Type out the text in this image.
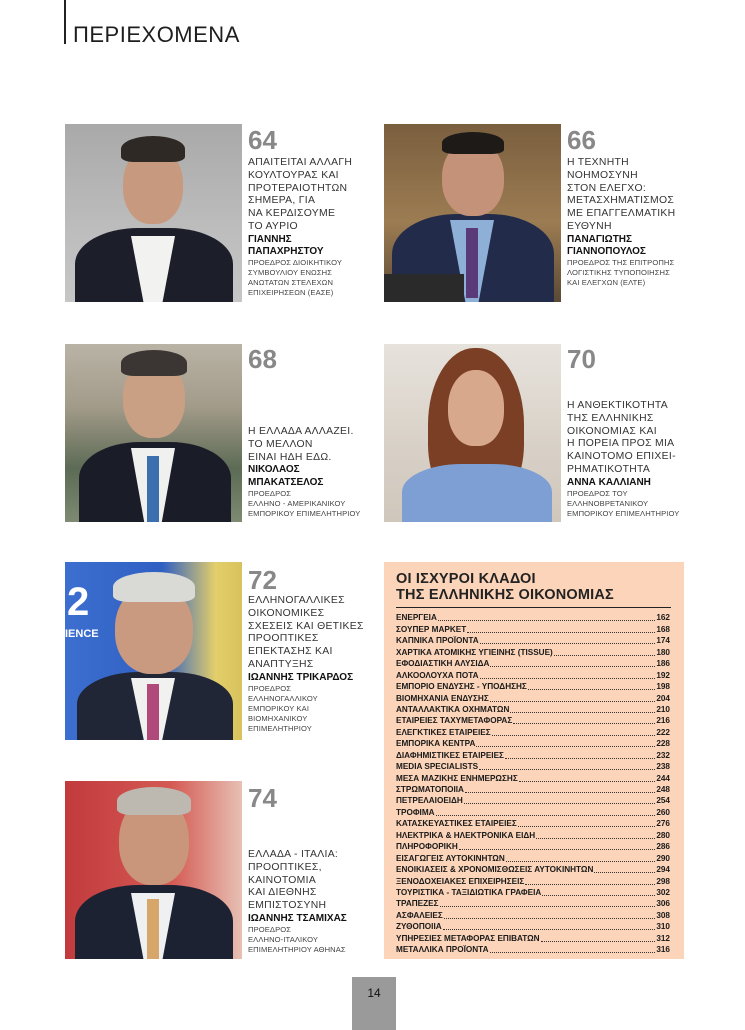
ΠΕΡΙΕΧΟΜΕΝΑ
2
IENCE
64
ΑΠΑΙΤΕΙΤΑΙ ΑΛΛΑΓΗ
ΚΟΥΛΤΟΥΡΑΣ ΚΑΙ
ΠΡΟΤΕΡΑΙΟΤΗΤΩΝ
ΣΗΜΕΡΑ, ΓΙΑ
ΝΑ ΚΕΡΔΙΣΟΥΜΕ
ΤΟ ΑΥΡΙΟ
ΓΙΑΝΝΗΣ
ΠΑΠΑΧΡΗΣΤΟΥ
ΠΡΟΕΔΡΟΣ ΔΙΟΙΚΗΤΙΚΟΥ
ΣΥΜΒΟΥΛΙΟΥ ΕΝΩΣΗΣ
ΑΝΩΤΑΤΩΝ ΣΤΕΛΕΧΩΝ
ΕΠΙΧΕΙΡΗΣΕΩΝ (ΕΑΣΕ)
66
Η ΤΕΧΝΗΤΗ
ΝΟΗΜΟΣΥΝΗ
ΣΤΟΝ ΕΛΕΓΧΟ:
ΜΕΤΑΣΧΗΜΑΤΙΣΜΟΣ
ΜΕ ΕΠΑΓΓΕΛΜΑΤΙΚΗ
ΕΥΘΥΝΗ
ΠΑΝΑΓΙΩΤΗΣ
ΓΙΑΝΝΟΠΟΥΛΟΣ
ΠΡΟΕΔΡΟΣ ΤΗΣ ΕΠΙΤΡΟΠΗΣ
ΛΟΓΙΣΤΙΚΗΣ ΤΥΠΟΠΟΙΗΣΗΣ
ΚΑΙ ΕΛΕΓΧΩΝ (ΕΛΤΕ)
68
Η ΕΛΛΑΔΑ ΑΛΛΑΖΕΙ.
ΤΟ ΜΕΛΛΟΝ
ΕΙΝΑΙ ΗΔΗ ΕΔΩ.
ΝΙΚΟΛΑΟΣ
ΜΠΑΚΑΤΣΕΛΟΣ
ΠΡΟΕΔΡΟΣ
ΕΛΛΗΝΟ - ΑΜΕΡΙΚΑΝΙΚΟΥ
ΕΜΠΟΡΙΚΟΥ ΕΠΙΜΕΛΗΤΗΡΙΟΥ
70
Η ΑΝΘΕΚΤΙΚΟΤΗΤΑ
ΤΗΣ ΕΛΛΗΝΙΚΗΣ
ΟΙΚΟΝΟΜΙΑΣ ΚΑΙ
Η ΠΟΡΕΙΑ ΠΡΟΣ ΜΙΑ
ΚΑΙΝΟΤΟΜΟ ΕΠΙΧΕΙ-
ΡΗΜΑΤΙΚΟΤΗΤΑ
ΑΝΝΑ ΚΑΛΛΙΑΝΗ
ΠΡΟΕΔΡΟΣ ΤΟΥ
ΕΛΛΗΝΟΒΡΕΤΑΝΙΚΟΥ
ΕΜΠΟΡΙΚΟΥ ΕΠΙΜΕΛΗΤΗΡΙΟΥ
72
ΕΛΛΗΝΟΓΑΛΛΙΚΕΣ
ΟΙΚΟΝΟΜΙΚΕΣ
ΣΧΕΣΕΙΣ ΚΑΙ ΘΕΤΙΚΕΣ
ΠΡΟΟΠΤΙΚΕΣ
ΕΠΕΚΤΑΣΗΣ ΚΑΙ
ΑΝΑΠΤΥΞΗΣ
ΙΩΑΝΝΗΣ ΤΡΙΚΑΡΔΟΣ
ΠΡΟΕΔΡΟΣ
ΕΛΛΗΝΟΓΑΛΛΙΚΟΥ
ΕΜΠΟΡΙΚΟΥ ΚΑΙ
ΒΙΟΜΗΧΑΝΙΚΟΥ
ΕΠΙΜΕΛΗΤΗΡΙΟΥ
74
ΕΛΛΑΔΑ - ΙΤΑΛΙΑ:
ΠΡΟΟΠΤΙΚΕΣ,
ΚΑΙΝΟΤΟΜΙΑ
ΚΑΙ ΔΙΕΘΝΗΣ
ΕΜΠΙΣΤΟΣΥΝΗ
ΙΩΑΝΝΗΣ ΤΣΑΜΙΧΑΣ
ΠΡΟΕΔΡΟΣ
ΕΛΛΗΝΟ-ΙΤΑΛΙΚΟΥ
ΕΠΙΜΕΛΗΤΗΡΙΟΥ ΑΘΗΝΑΣ
ΟΙ ΙΣΧΥΡΟΙ ΚΛΑΔΟΙ
ΤΗΣ ΕΛΛΗΝΙΚΗΣ ΟΙΚΟΝΟΜΙΑΣ
ΕΝΕΡΓΕΙΑ	162
ΣΟΥΠΕΡ ΜΑΡΚΕΤ	168
ΚΑΠΝΙΚΑ ΠΡΟΪΟΝΤΑ	174
ΧΑΡΤΙΚΑ ΑΤΟΜΙΚΗΣ ΥΓΙΕΙΝΗΣ (TISSUE)	180
ΕΦΟΔΙΑΣΤΙΚΗ ΑΛΥΣΙΔΑ	186
ΑΛΚΟΟΛΟΥΧΑ ΠΟΤΑ	192
ΕΜΠΟΡΙΟ ΕΝΔΥΣΗΣ - ΥΠΟΔΗΣΗΣ	198
ΒΙΟΜΗΧΑΝΙΑ ΕΝΔΥΣΗΣ	204
ΑΝΤΑΛΛΑΚΤΙΚΑ ΟΧΗΜΑΤΩΝ	210
ΕΤΑΙΡΕΙΕΣ ΤΑΧΥΜΕΤΑΦΟΡΑΣ	216
ΕΛΕΓΚΤΙΚΕΣ ΕΤΑΙΡΕΙΕΣ	222
ΕΜΠΟΡΙΚΑ ΚΕΝΤΡΑ	228
ΔΙΑΦΗΜΙΣΤΙΚΕΣ ΕΤΑΙΡΕΙΕΣ	232
MEDIA SPECIALISTS	238
ΜΕΣΑ ΜΑΖΙΚΗΣ ΕΝΗΜΕΡΩΣΗΣ	244
ΣΤΡΩΜΑΤΟΠΟΙΙΑ	248
ΠΕΤΡΕΛΑΙΟΕΙΔΗ	254
ΤΡΟΦΙΜΑ	260
ΚΑΤΑΣΚΕΥΑΣΤΙΚΕΣ ΕΤΑΙΡΕΙΕΣ	276
ΗΛΕΚΤΡΙΚΑ & ΗΛΕΚΤΡΟΝΙΚΑ ΕΙΔΗ	280
ΠΛΗΡΟΦΟΡΙΚΗ	286
ΕΙΣΑΓΩΓΕΙΣ ΑΥΤΟΚΙΝΗΤΩΝ	290
ΕΝΟΙΚΙΑΣΕΙΣ & ΧΡΟΝΟΜΙΣΘΩΣΕΙΣ ΑΥΤΟΚΙΝΗΤΩΝ	294
ΞΕΝΟΔΟΧΕΙΑΚΕΣ ΕΠΙΧΕΙΡΗΣΕΙΣ	298
ΤΟΥΡΙΣΤΙΚΑ - ΤΑΞΙΔΙΩΤΙΚΑ ΓΡΑΦΕΙΑ	302
ΤΡΑΠΕΖΕΣ	306
ΑΣΦΑΛΕΙΕΣ	308
ΖΥΘΟΠΟΙΙΑ	310
ΥΠΗΡΕΣΙΕΣ ΜΕΤΑΦΟΡΑΣ ΕΠΙΒΑΤΩΝ	312
ΜΕΤΑΛΛΙΚΑ ΠΡΟΪΟΝΤΑ	316
14
